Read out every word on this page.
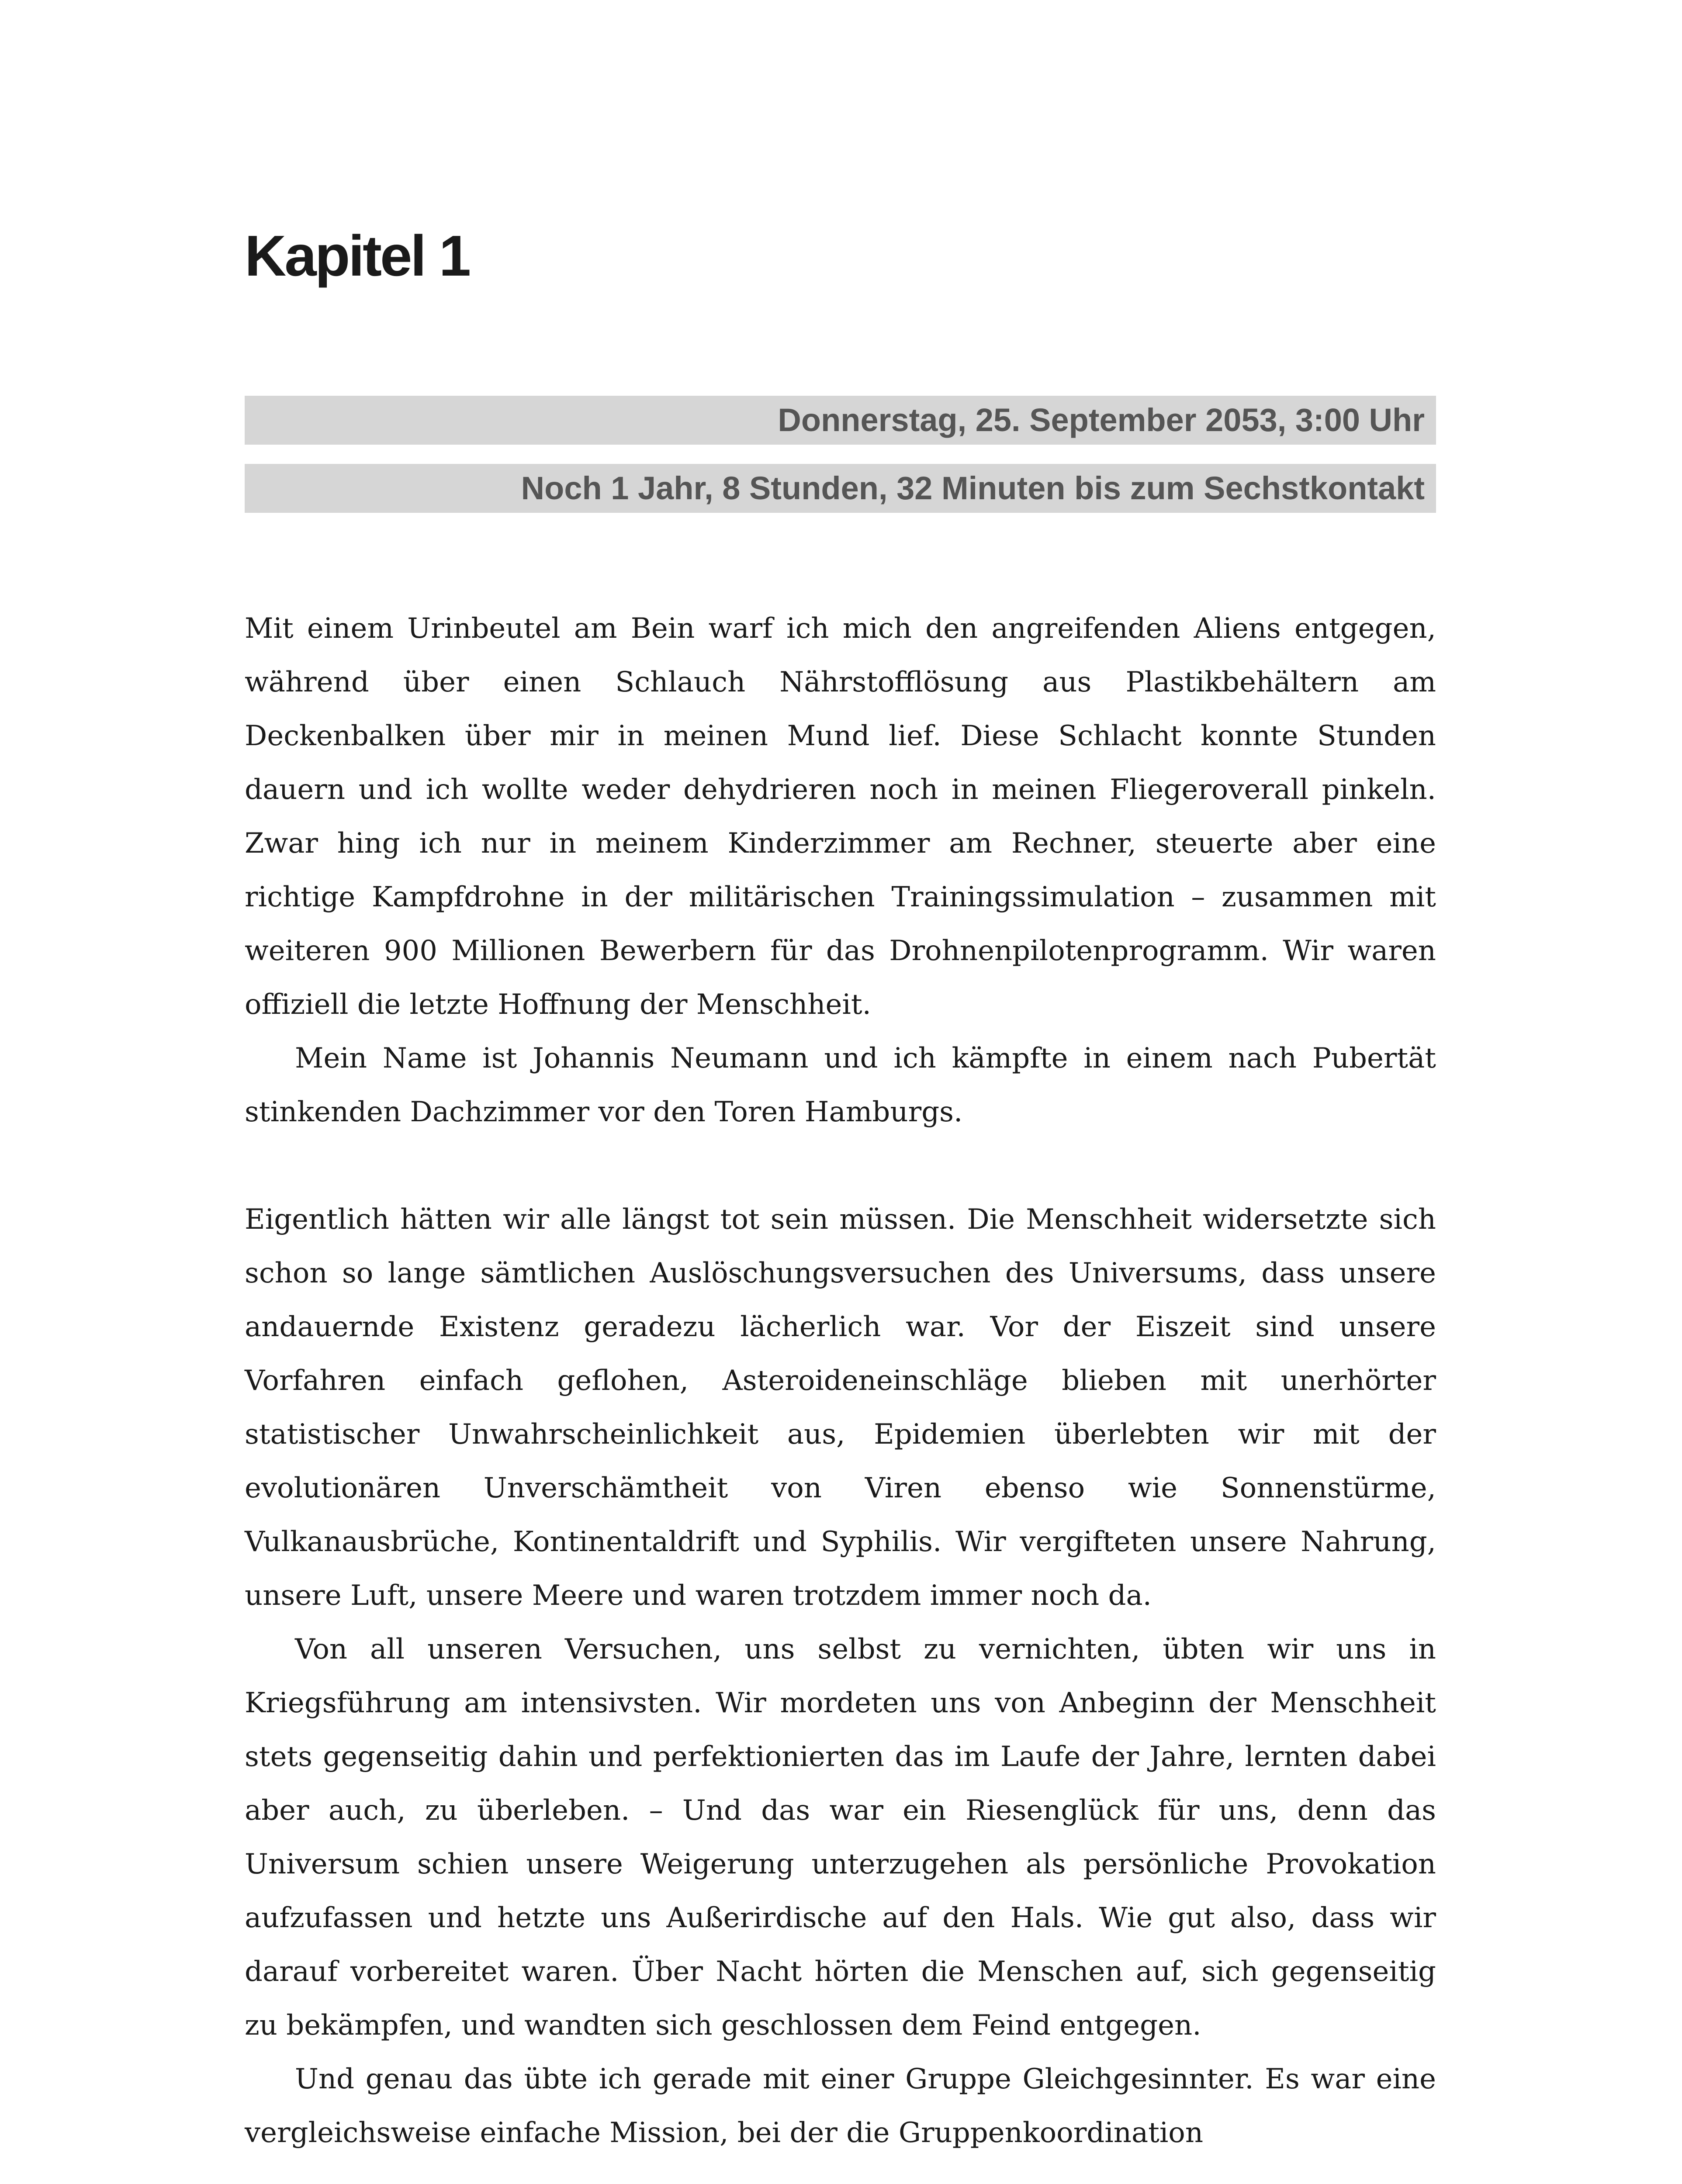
Kapitel 1
Donnerstag, 25. September 2053, 3:00 Uhr
Noch 1 Jahr, 8 Stunden, 32 Minuten bis zum Sechstkontakt

Mit einem Urinbeutel am Bein warf ich mich den angreifenden Aliens entgegen, während über einen Schlauch Nährstofflösung aus Plastikbehältern am Deckenbalken über mir in meinen Mund lief. Diese Schlacht konnte Stunden dauern und ich wollte weder dehydrieren noch in meinen Fliegeroverall pinkeln. Zwar hing ich nur in meinem Kinderzimmer am Rechner, steuerte aber eine richtige Kampfdrohne in der militärischen Trainingssimulation – zusammen mit weiteren 900 Millionen Bewerbern für das Drohnenpilotenprogramm. Wir waren offiziell die letzte Hoffnung der Menschheit.

Mein Name ist Johannis Neumann und ich kämpfte in einem nach Pubertät stinkenden Dachzimmer vor den Toren Hamburgs.

Eigentlich hätten wir alle längst tot sein müssen. Die Menschheit widersetzte sich schon so lange sämtlichen Auslöschungsversuchen des Universums, dass unsere andauernde Existenz geradezu lächerlich war. Vor der Eiszeit sind unsere Vorfahren einfach geflohen, Asteroideneinschläge blieben mit unerhörter statistischer Unwahrscheinlichkeit aus, Epidemien überlebten wir mit der evolutionären Unverschämtheit von Viren ebenso wie Sonnenstürme, Vulkanausbrüche, Kontinentaldrift und Syphilis. Wir vergifteten unsere Nahrung, unsere Luft, unsere Meere und waren trotzdem immer noch da.

Von all unseren Versuchen, uns selbst zu vernichten, übten wir uns in Kriegsführung am intensivsten. Wir mordeten uns von Anbeginn der Menschheit stets gegenseitig dahin und perfektionierten das im Laufe der Jahre, lernten dabei aber auch, zu überleben. – Und das war ein Riesenglück für uns, denn das Universum schien unsere Weigerung unterzugehen als persönliche Provokation aufzufassen und hetzte uns Außerirdische auf den Hals. Wie gut also, dass wir darauf vorbereitet waren. Über Nacht hörten die Menschen auf, sich gegenseitig zu bekämpfen, und wandten sich geschlossen dem Feind entgegen.

Und genau das übte ich gerade mit einer Gruppe Gleichgesinnter. Es war eine vergleichsweise einfache Mission, bei der die Gruppenkoordination
